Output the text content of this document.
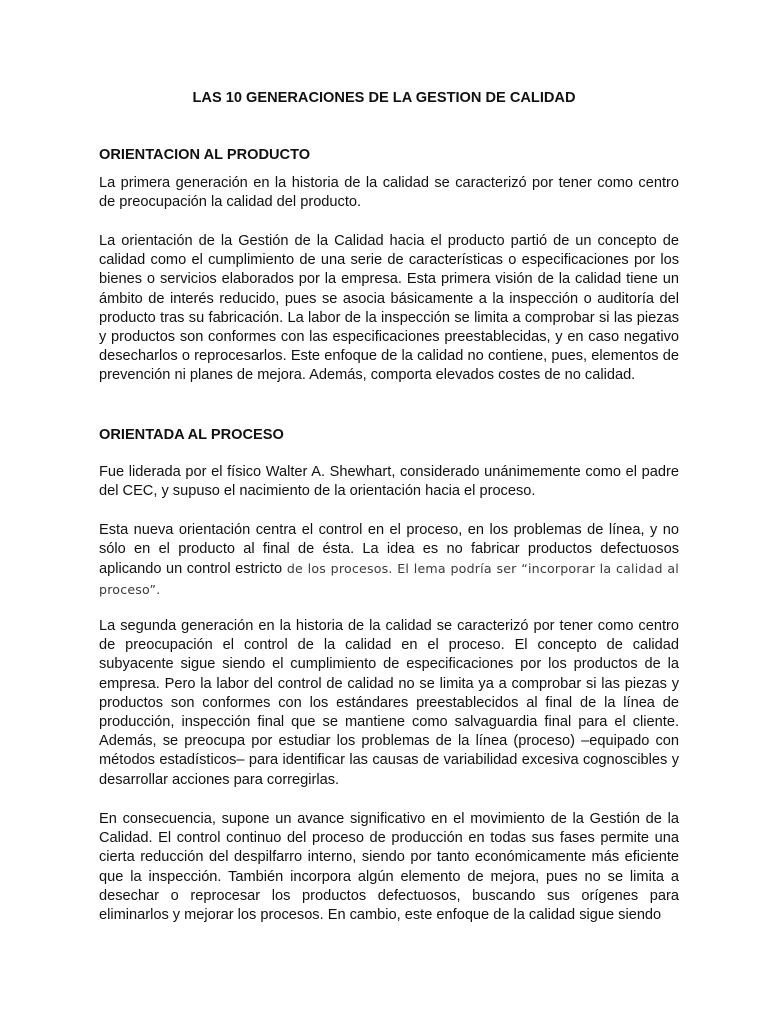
LAS 10 GENERACIONES DE LA GESTION DE CALIDAD
ORIENTACION AL PRODUCTO

La primera generación en la historia de la calidad se caracterizó por tener como centro de preocupación la calidad del producto.

La orientación de la Gestión de la Calidad hacia el producto partió de un concepto de calidad como el cumplimiento de una serie de características o especificaciones por los bienes o servicios elaborados por la empresa. Esta primera visión de la calidad tiene un ámbito de interés reducido, pues se asocia básicamente a la inspección o auditoría del producto tras su fabricación. La labor de la inspección se limita a comprobar si las piezas y productos son conformes con las especificaciones preestablecidas, y en caso negativo desecharlos o reprocesarlos. Este enfoque de la calidad no contiene, pues, elementos de prevención ni planes de mejora. Además, comporta elevados costes de no calidad.

ORIENTADA AL PROCESO

Fue liderada por el físico Walter A. Shewhart, considerado unánimemente como el padre del CEC, y supuso el nacimiento de la orientación hacia el proceso.

Esta nueva orientación centra el control en el proceso, en los problemas de línea, y no sólo en el producto al final de ésta. La idea es no fabricar productos defectuosos aplicando un control estricto de los procesos. El lema podría ser “incorporar la calidad al proceso”.

La segunda generación en la historia de la calidad se caracterizó por tener como centro de preocupación el control de la calidad en el proceso. El concepto de calidad subyacente sigue siendo el cumplimiento de especificaciones por los productos de la empresa. Pero la labor del control de calidad no se limita ya a comprobar si las piezas y productos son conformes con los estándares preestablecidos al final de la línea de producción, inspección final que se mantiene como salvaguardia final para el cliente. Además, se preocupa por estudiar los problemas de la línea (proceso) –equipado con métodos estadísticos– para identificar las causas de variabilidad excesiva cognoscibles y desarrollar acciones para corregirlas.

En consecuencia, supone un avance significativo en el movimiento de la Gestión de la Calidad. El control continuo del proceso de producción en todas sus fases permite una cierta reducción del despilfarro interno, siendo por tanto económicamente más eficiente que la inspección. También incorpora algún elemento de mejora, pues no se limita a desechar o reprocesar los productos defectuosos, buscando sus orígenes para eliminarlos y mejorar los procesos. En cambio, este enfoque de la calidad sigue siendo
